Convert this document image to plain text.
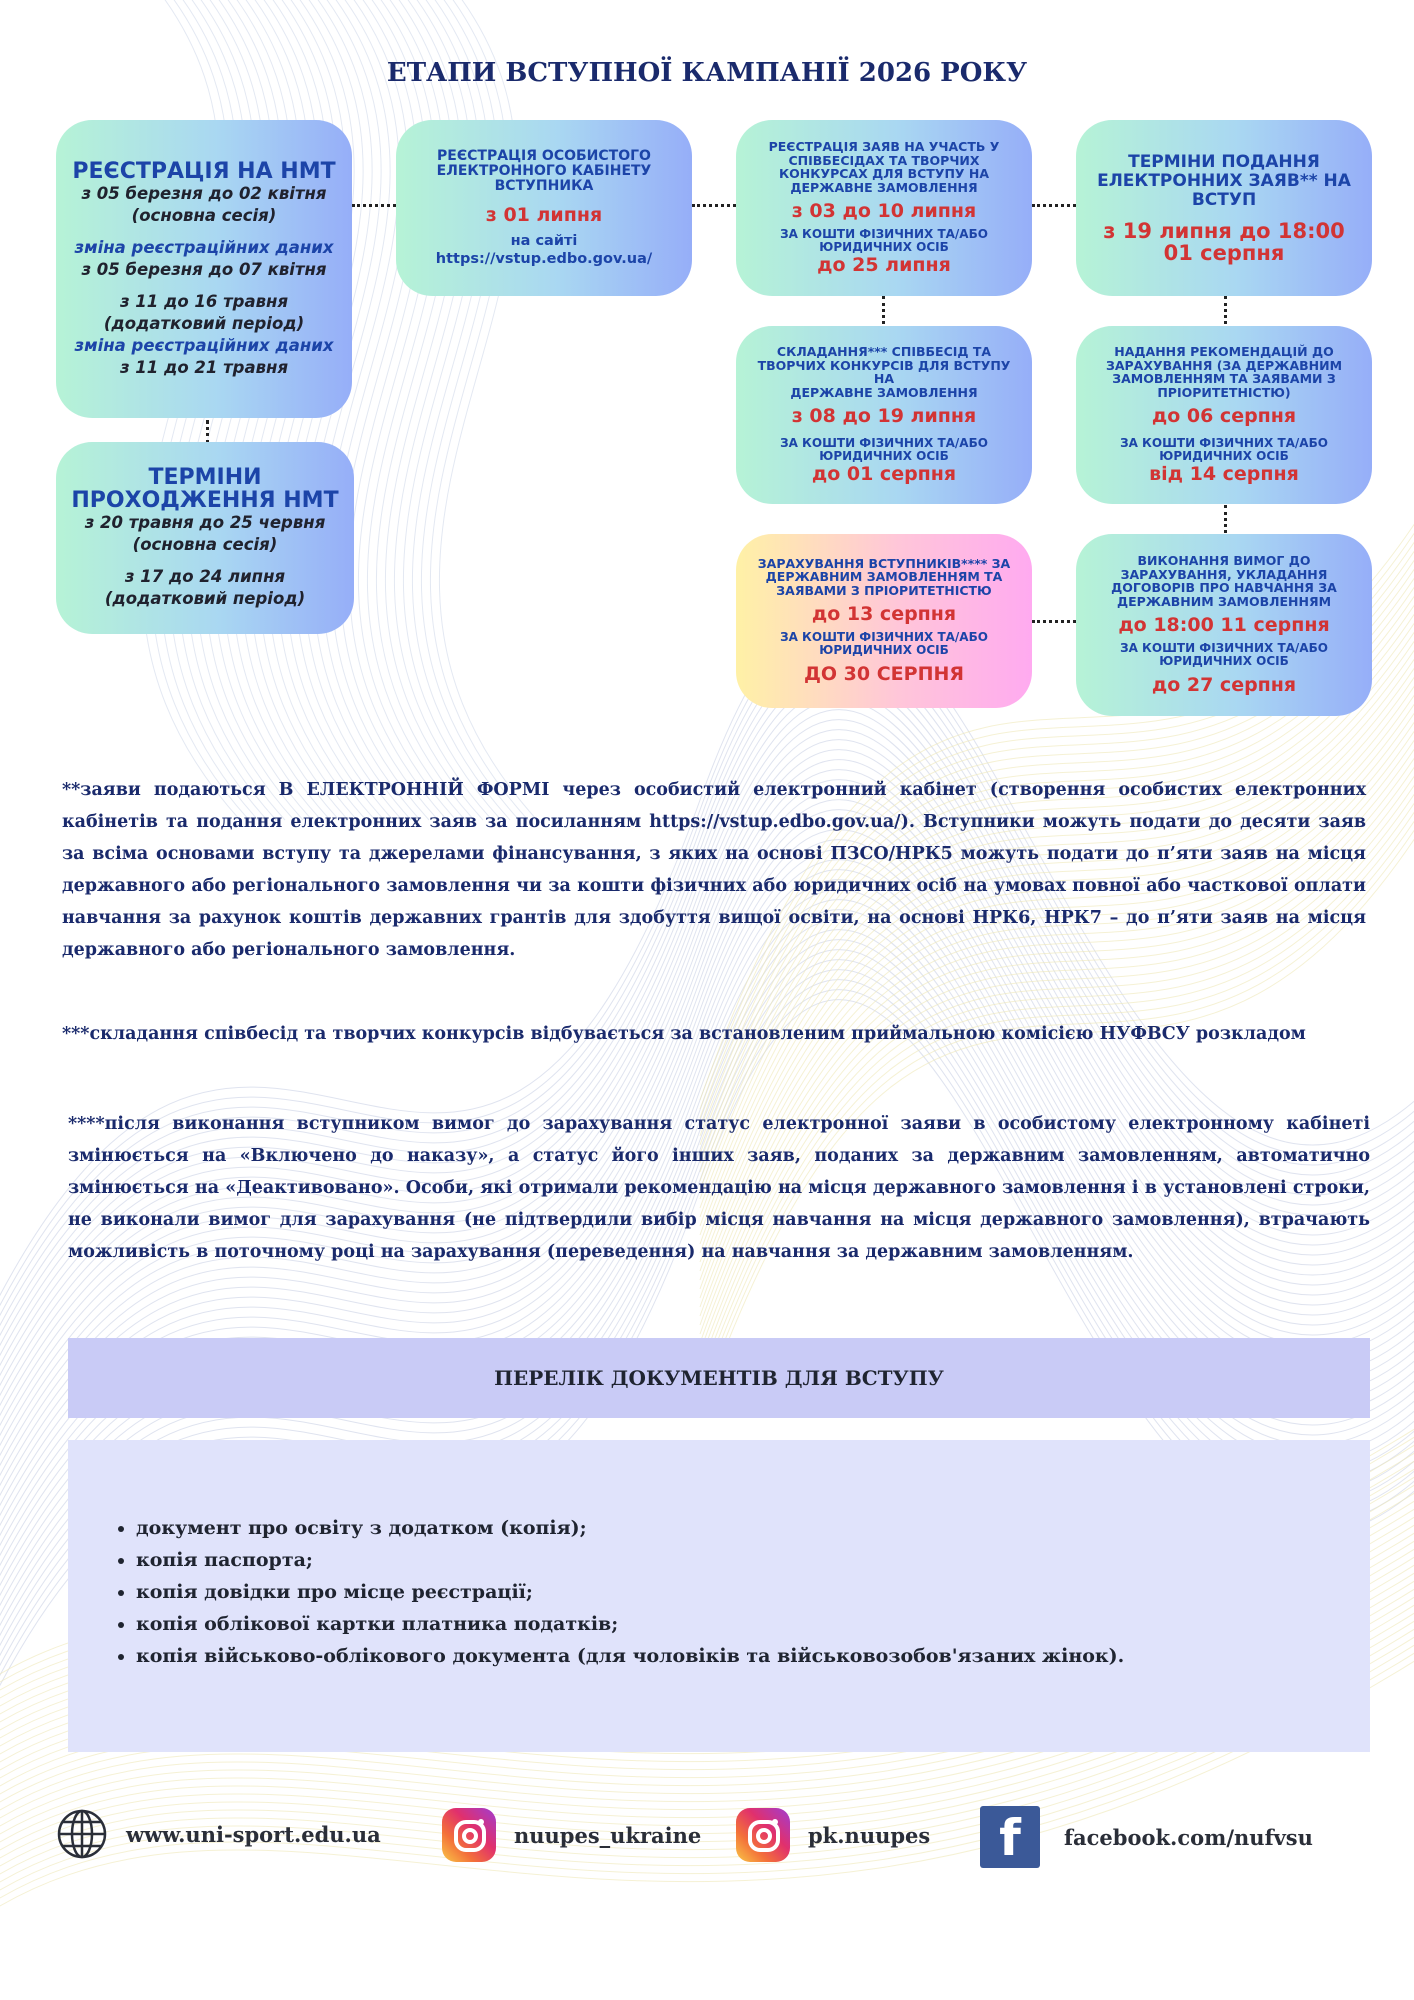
ЕТАПИ ВСТУПНОЇ КАМПАНІЇ 2026 РОКУ
РЕЄСТРАЦІЯ НА НМТ
з 05 березня до 02 квітня
(основна сесія)
зміна реєстраційних даних
з 05 березня до 07 квітня
з 11 до 16 травня
(додатковий період)
зміна реєстраційних даних
з 11 до 21 травня
ТЕРМІНИ
ПРОХОДЖЕННЯ НМТ
з 20 травня до 25 червня
(основна сесія)
з 17 до 24 липня
(додатковий період)
РЕЄСТРАЦІЯ ОСОБИСТОГО
ЕЛЕКТРОННОГО КАБІНЕТУ
ВСТУПНИКА
з 01 липня
на сайті
https://vstup.edbo.gov.ua/
РЕЄСТРАЦІЯ ЗАЯВ НА УЧАСТЬ У
СПІВБЕСІДАХ ТА ТВОРЧИХ
КОНКУРСАХ ДЛЯ ВСТУПУ НА
ДЕРЖАВНЕ ЗАМОВЛЕННЯ
з 03 до 10 липня
ЗА КОШТИ ФІЗИЧНИХ ТА/АБО
ЮРИДИЧНИХ ОСІБ
до 25 липня
ТЕРМІНИ ПОДАННЯ
ЕЛЕКТРОННИХ ЗАЯВ** НА
ВСТУП
з 19 липня до 18:00
01 серпня
СКЛАДАННЯ*** СПІВБЕСІД ТА
ТВОРЧИХ КОНКУРСІВ ДЛЯ ВСТУПУ НА
ДЕРЖАВНЕ ЗАМОВЛЕННЯ
з 08 до 19 липня
ЗА КОШТИ ФІЗИЧНИХ ТА/АБО
ЮРИДИЧНИХ ОСІБ
до 01 серпня
НАДАННЯ РЕКОМЕНДАЦІЙ ДО
ЗАРАХУВАННЯ (ЗА ДЕРЖАВНИМ
ЗАМОВЛЕННЯМ ТА ЗАЯВАМИ З
ПРІОРИТЕТНІСТЮ)
до 06 серпня
ЗА КОШТИ ФІЗИЧНИХ ТА/АБО
ЮРИДИЧНИХ ОСІБ
від 14 серпня
ЗАРАХУВАННЯ ВСТУПНИКІВ**** ЗА
ДЕРЖАВНИМ ЗАМОВЛЕННЯМ ТА
ЗАЯВАМИ З ПРІОРИТЕТНІСТЮ
до 13 серпня
ЗА КОШТИ ФІЗИЧНИХ ТА/АБО
ЮРИДИЧНИХ ОСІБ
ДО 30 СЕРПНЯ
ВИКОНАННЯ ВИМОГ ДО
ЗАРАХУВАННЯ, УКЛАДАННЯ
ДОГОВОРІВ ПРО НАВЧАННЯ ЗА
ДЕРЖАВНИМ ЗАМОВЛЕННЯМ
до 18:00 11 серпня
ЗА КОШТИ ФІЗИЧНИХ ТА/АБО
ЮРИДИЧНИХ ОСІБ
до 27 серпня
**заяви подаються В ЕЛЕКТРОННІЙ ФОРМІ через особистий електронний кабінет (створення особистих електронних кабінетів та подання електронних заяв за посиланням https://vstup.edbo.gov.ua/). Вступники можуть подати до десяти заяв за всіма основами вступу та джерелами фінансування, з яких на основі ПЗСО/НРК5 можуть подати до п’яти заяв на місця державного або регіонального замовлення чи за кошти фізичних або юридичних осіб на умовах повної або часткової оплати навчання за рахунок коштів державних грантів для здобуття вищої освіти, на основі НРК6, НРК7 – до п’яти заяв на місця державного або регіонального замовлення.
***складання співбесід та творчих конкурсів відбувається за встановленим приймальною комісією НУФВСУ розкладом
****після виконання вступником вимог до зарахування статус електронної заяви в особистому електронному кабінеті змінюється на «Включено до наказу», а статус його інших заяв, поданих за державним замовленням, автоматично змінюється на «Деактивовано». Особи, які отримали рекомендацію на місця державного замовлення і в установлені строки, не виконали вимог для зарахування (не підтвердили вибір місця навчання на місця державного замовлення), втрачають можливість в поточному році на зарахування (переведення) на навчання за державним замовленням.
ПЕРЕЛІК ДОКУМЕНТІВ ДЛЯ ВСТУПУ
• документ про освіту з додатком (копія);
• копія паспорта;
• копія довідки про місце реєстрації;
• копія облікової картки платника податків;
• копія військово-облікового документа (для чоловіків та військовозобов'язаних жінок).
www.uni-sport.edu.ua	nuupes_ukraine	pk.nuupes	f	facebook.com/nufvsu
